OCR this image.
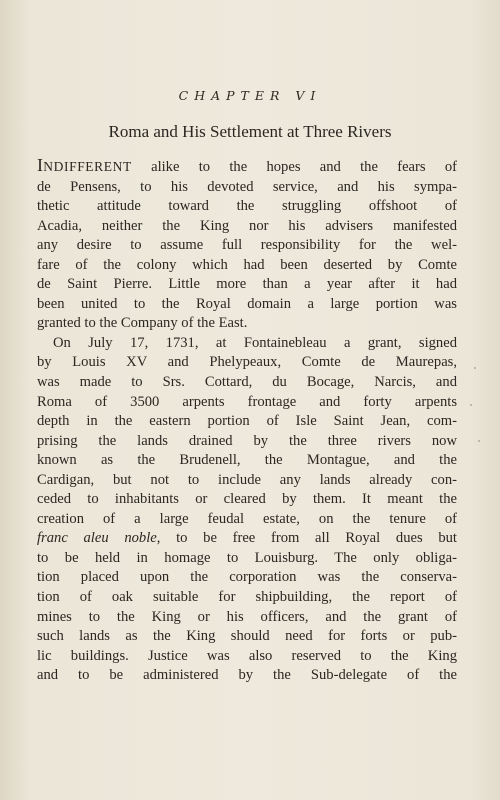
CHAPTER VI
Roma and His Settlement at Three Rivers
INDIFFERENT alike to the hopes and the fears of
de Pensens, to his devoted service, and his sympa-
thetic attitude toward the struggling offshoot of
Acadia, neither the King nor his advisers manifested
any desire to assume full responsibility for the wel-
fare of the colony which had been deserted by Comte
de Saint Pierre. Little more than a year after it had
been united to the Royal domain a large portion was
granted to the Company of the East.
On July 17, 1731, at Fontainebleau a grant, signed
by Louis XV and Phelypeaux, Comte de Maurepas,
was made to Srs. Cottard, du Bocage, Narcis, and
Roma of 3500 arpents frontage and forty arpents
depth in the eastern portion of Isle Saint Jean, com-
prising the lands drained by the three rivers now
known as the Brudenell, the Montague, and the
Cardigan, but not to include any lands already con-
ceded to inhabitants or cleared by them. It meant the
creation of a large feudal estate, on the tenure of
franc aleu noble, to be free from all Royal dues but
to be held in homage to Louisburg. The only obliga-
tion placed upon the corporation was the conserva-
tion of oak suitable for shipbuilding, the report of
mines to the King or his officers, and the grant of
such lands as the King should need for forts or pub-
lic buildings. Justice was also reserved to the King
and to be administered by the Sub-delegate of the
